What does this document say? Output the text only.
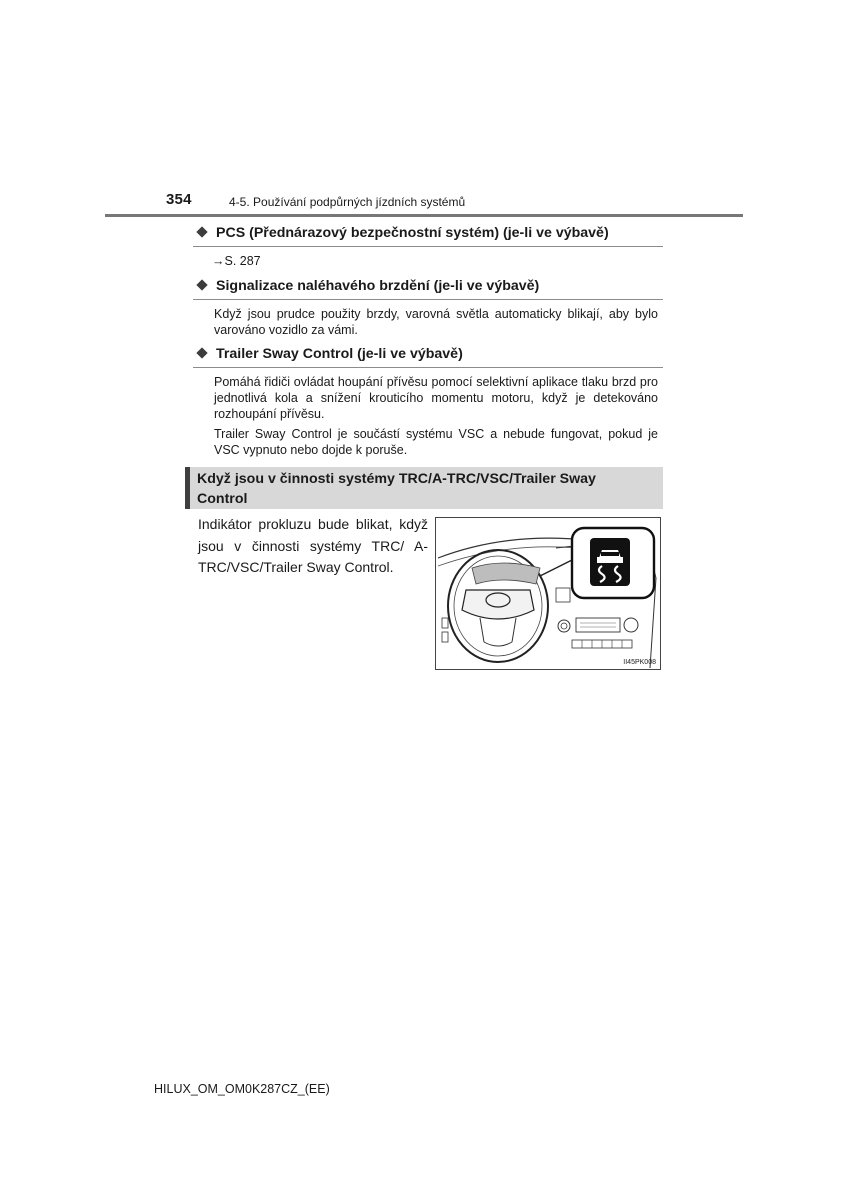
354	4-5. Používání podpůrných jízdních systémů
PCS (Přednárazový bezpečnostní systém) (je-li ve výbavě)
→S. 287
Signalizace naléhavého brzdění (je-li ve výbavě)
Když jsou prudce použity brzdy, varovná světla automaticky blikají, aby bylo varováno vozidlo za vámi.
Trailer Sway Control (je-li ve výbavě)
Pomáhá řidiči ovládat houpání přívěsu pomocí selektivní aplikace tlaku brzd pro jednotlivá kola a snížení krouticího momentu motoru, když je detekováno rozhoupání přívěsu.
Trailer Sway Control je součástí systému VSC a nebude fungovat, pokud je VSC vypnuto nebo dojde k poruše.
Když jsou v činnosti systémy TRC/A-TRC/VSC/Trailer Sway Control
Indikátor prokluzu bude blikat, když jsou v činnosti systémy TRC/ A-TRC/VSC/Trailer Sway Control.
II45PK008
HILUX_OM_OM0K287CZ_(EE)
